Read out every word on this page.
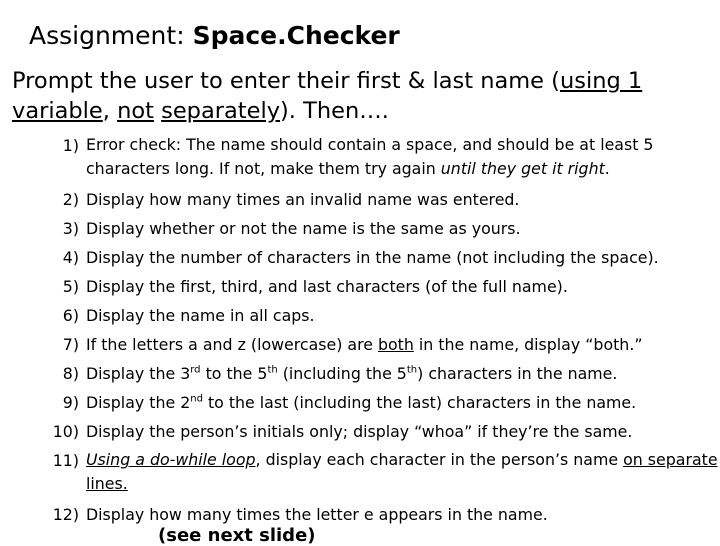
Assignment: Space.Checker
Prompt the user to enter their first & last name (using 1 variable, not separately). Then….
1) Error check: The name should contain a space, and should be at least 5 characters long. If not, make them try again until they get it right.
2) Display how many times an invalid name was entered.
3) Display whether or not the name is the same as yours.
4) Display the number of characters in the name (not including the space).
5) Display the first, third, and last characters (of the full name).
6) Display the name in all caps.
7) If the letters a and z (lowercase) are both in the name, display “both.”
8) Display the 3rd to the 5th (including the 5th) characters in the name.
9) Display the 2nd to the last (including the last) characters in the name.
10) Display the person’s initials only; display “whoa” if they’re the same.
11) Using a do-while loop, display each character in the person’s name on separate lines.
12) Display how many times the letter e appears in the name.
(see next slide)
